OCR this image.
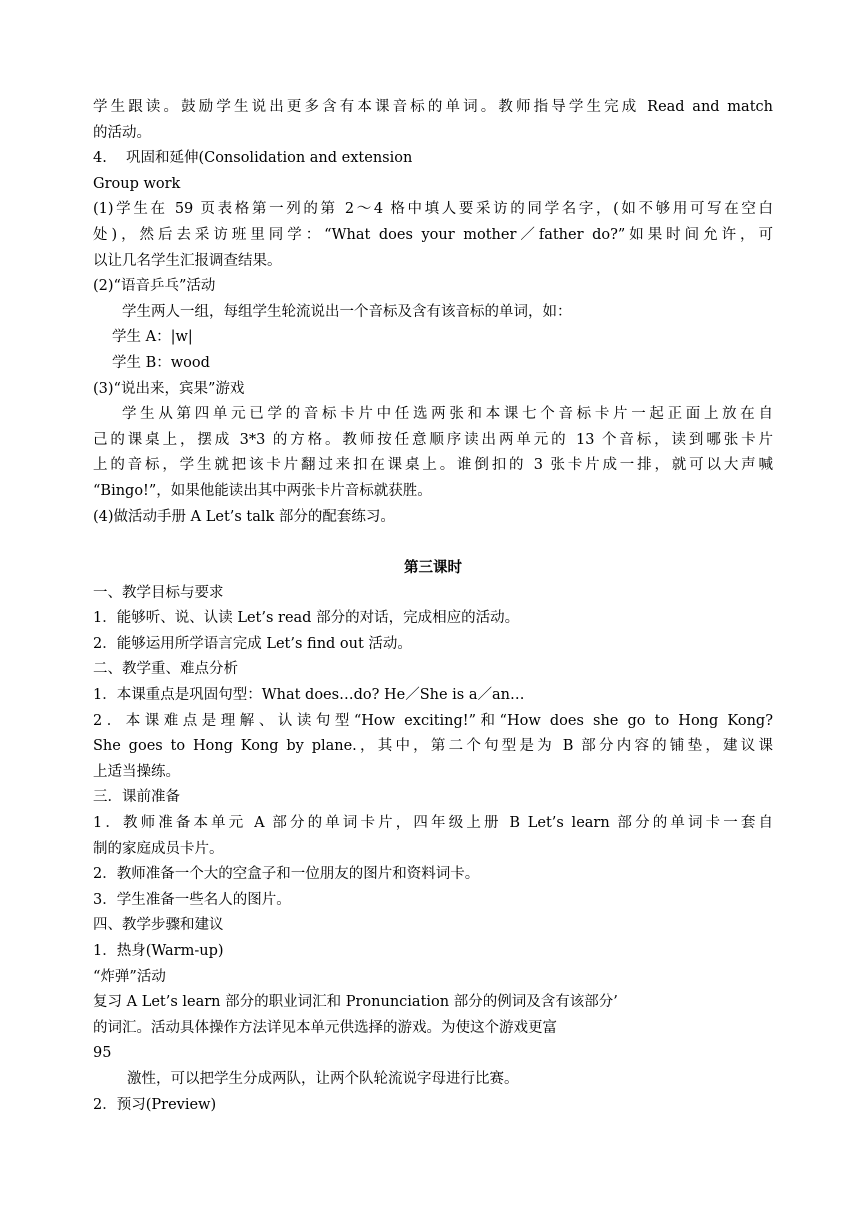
学生跟读。鼓励学生说出更多含有本课音标的单词。教师指导学生完成 Read and match
的活动。
4.　 巩固和延伸(Consolidation and extension
Group work
(1)学生在 59 页表格第一列的第 2～4 格中填人要采访的同学名字，(如不够用可写在空白
处)，然后去采访班里同学：“What does your mother／father do?”如果时间允许，可
以让几名学生汇报调查结果。
(2)“语音乒乓”活动
学生两人一组，每组学生轮流说出一个音标及含有该音标的单词，如：
学生 A：|w|
学生 B：wood
(3)“说出来，宾果”游戏
学生从第四单元已学的音标卡片中任选两张和本课七个音标卡片一起正面上放在自
己的课桌上，摆成 3*3 的方格。教师按任意顺序读出两单元的 13 个音标，读到哪张卡片
上的音标，学生就把该卡片翻过来扣在课桌上。谁倒扣的 3 张卡片成一排，就可以大声喊
“Bingo!”，如果他能读出其中两张卡片音标就获胜。
(4)做活动手册 A Let’s talk 部分的配套练习。
第三课时
一、教学目标与要求
1．能够听、说、认读 Let’s read 部分的对话，完成相应的活动。
2．能够运用所学语言完成 Let’s find out 活动。
二、教学重、难点分析
1．本课重点是巩固句型：What does…do? He／She is a／an…
2．本课难点是理解、认读句型“How exciting!”和“How does she go to Hong Kong?
She goes to Hong Kong by plane.，其中，第二个句型是为 B 部分内容的铺垫，建议课
上适当操练。
三．课前准备
1．教师准备本单元 A 部分的单词卡片，四年级上册 B Let’s learn 部分的单词卡一套自
制的家庭成员卡片。
2．教师准备一个大的空盒子和一位朋友的图片和资料词卡。
3．学生准备一些名人的图片。
四、教学步骤和建议
1．热身(Warm-up)
“炸弹”活动
复习 A Let’s learn 部分的职业词汇和 Pronunciation 部分的例词及含有该部分’
的词汇。活动具体操作方法详见本单元供选择的游戏。为使这个游戏更富
95
激性，可以把学生分成两队，让两个队轮流说字母进行比赛。
2．预习(Preview)
